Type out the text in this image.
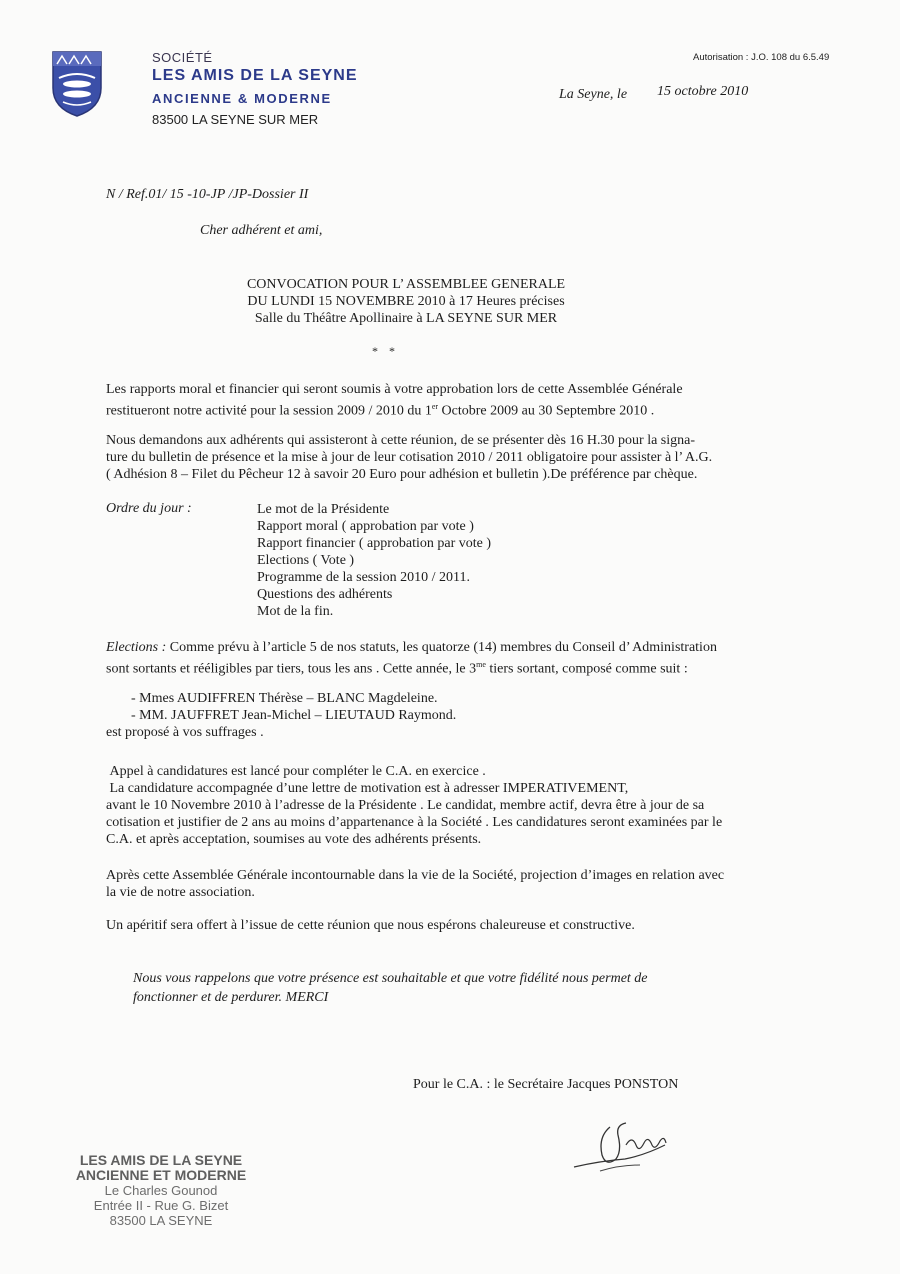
SOCIÉTÉ
LES AMIS DE LA SEYNE
ANCIENNE & MODERNE
83500 LA SEYNE SUR MER
Autorisation : J.O. 108 du 6.5.49
La Seyne, le 15 octobre 2010
N / Ref.01/ 15 -10-JP /JP-Dossier II
Cher adhérent et ami,
CONVOCATION POUR L’ ASSEMBLEE GENERALE
DU LUNDI 15 NOVEMBRE 2010 à 17 Heures précises
Salle du Théâtre Apollinaire à LA SEYNE SUR MER
* *

Les rapports moral et financier qui seront soumis à votre approbation lors de cette Assemblée Générale
restitueront notre activité pour la session 2009 / 2010 du 1er Octobre 2009 au 30 Septembre 2010 .

Nous demandons aux adhérents qui assisteront à cette réunion, de se présenter dès 16 H.30 pour la signa-
ture du bulletin de présence et la mise à jour de leur cotisation 2010 / 2011 obligatoire pour assister à l’ A.G.
( Adhésion 8 – Filet du Pêcheur 12 à savoir 20 Euro pour adhésion et bulletin ).De préférence par chèque.

Ordre du jour :	Le mot de la Présidente
Rapport moral ( approbation par vote )
Rapport financier ( approbation par vote )
Elections ( Vote )
Programme de la session 2010 / 2011.
Questions des adhérents
Mot de la fin.

Elections : Comme prévu à l’article 5 de nos statuts, les quatorze (14) membres du Conseil d’ Administration
sont sortants et rééligibles par tiers, tous les ans . Cette année, le $3^{me}$ tiers sortant, composé comme suit :

- Mmes AUDIFFREN Thérèse – BLANC Magdeleine.
- MM. JAUFFRET Jean-Michel – LIEUTAUD Raymond.
est proposé à vos suffrages .

Appel à candidatures est lancé pour compléter le C.A. en exercice .
La candidature accompagnée d’une lettre de motivation est à adresser IMPERATIVEMENT,
avant le 10 Novembre 2010 à l’adresse de la Présidente . Le candidat, membre actif, devra être à jour de sa
cotisation et justifier de 2 ans au moins d’appartenance à la Société . Les candidatures seront examinées par le
C.A. et après acceptation, soumises au vote des adhérents présents.

Après cette Assemblée Générale incontournable dans la vie de la Société, projection d’images en relation avec
la vie de notre association.

Un apéritif sera offert à l’issue de cette réunion que nous espérons chaleureuse et constructive.

Nous vous rappelons que votre présence est souhaitable et que votre fidélité nous permet de
fonctionner et de perdurer. MERCI

Pour le C.A. : le Secrétaire Jacques PONSTON
LES AMIS DE LA SEYNE
ANCIENNE ET MODERNE
Le Charles Gounod
Entrée II - Rue G. Bizet
83500 LA SEYNE
